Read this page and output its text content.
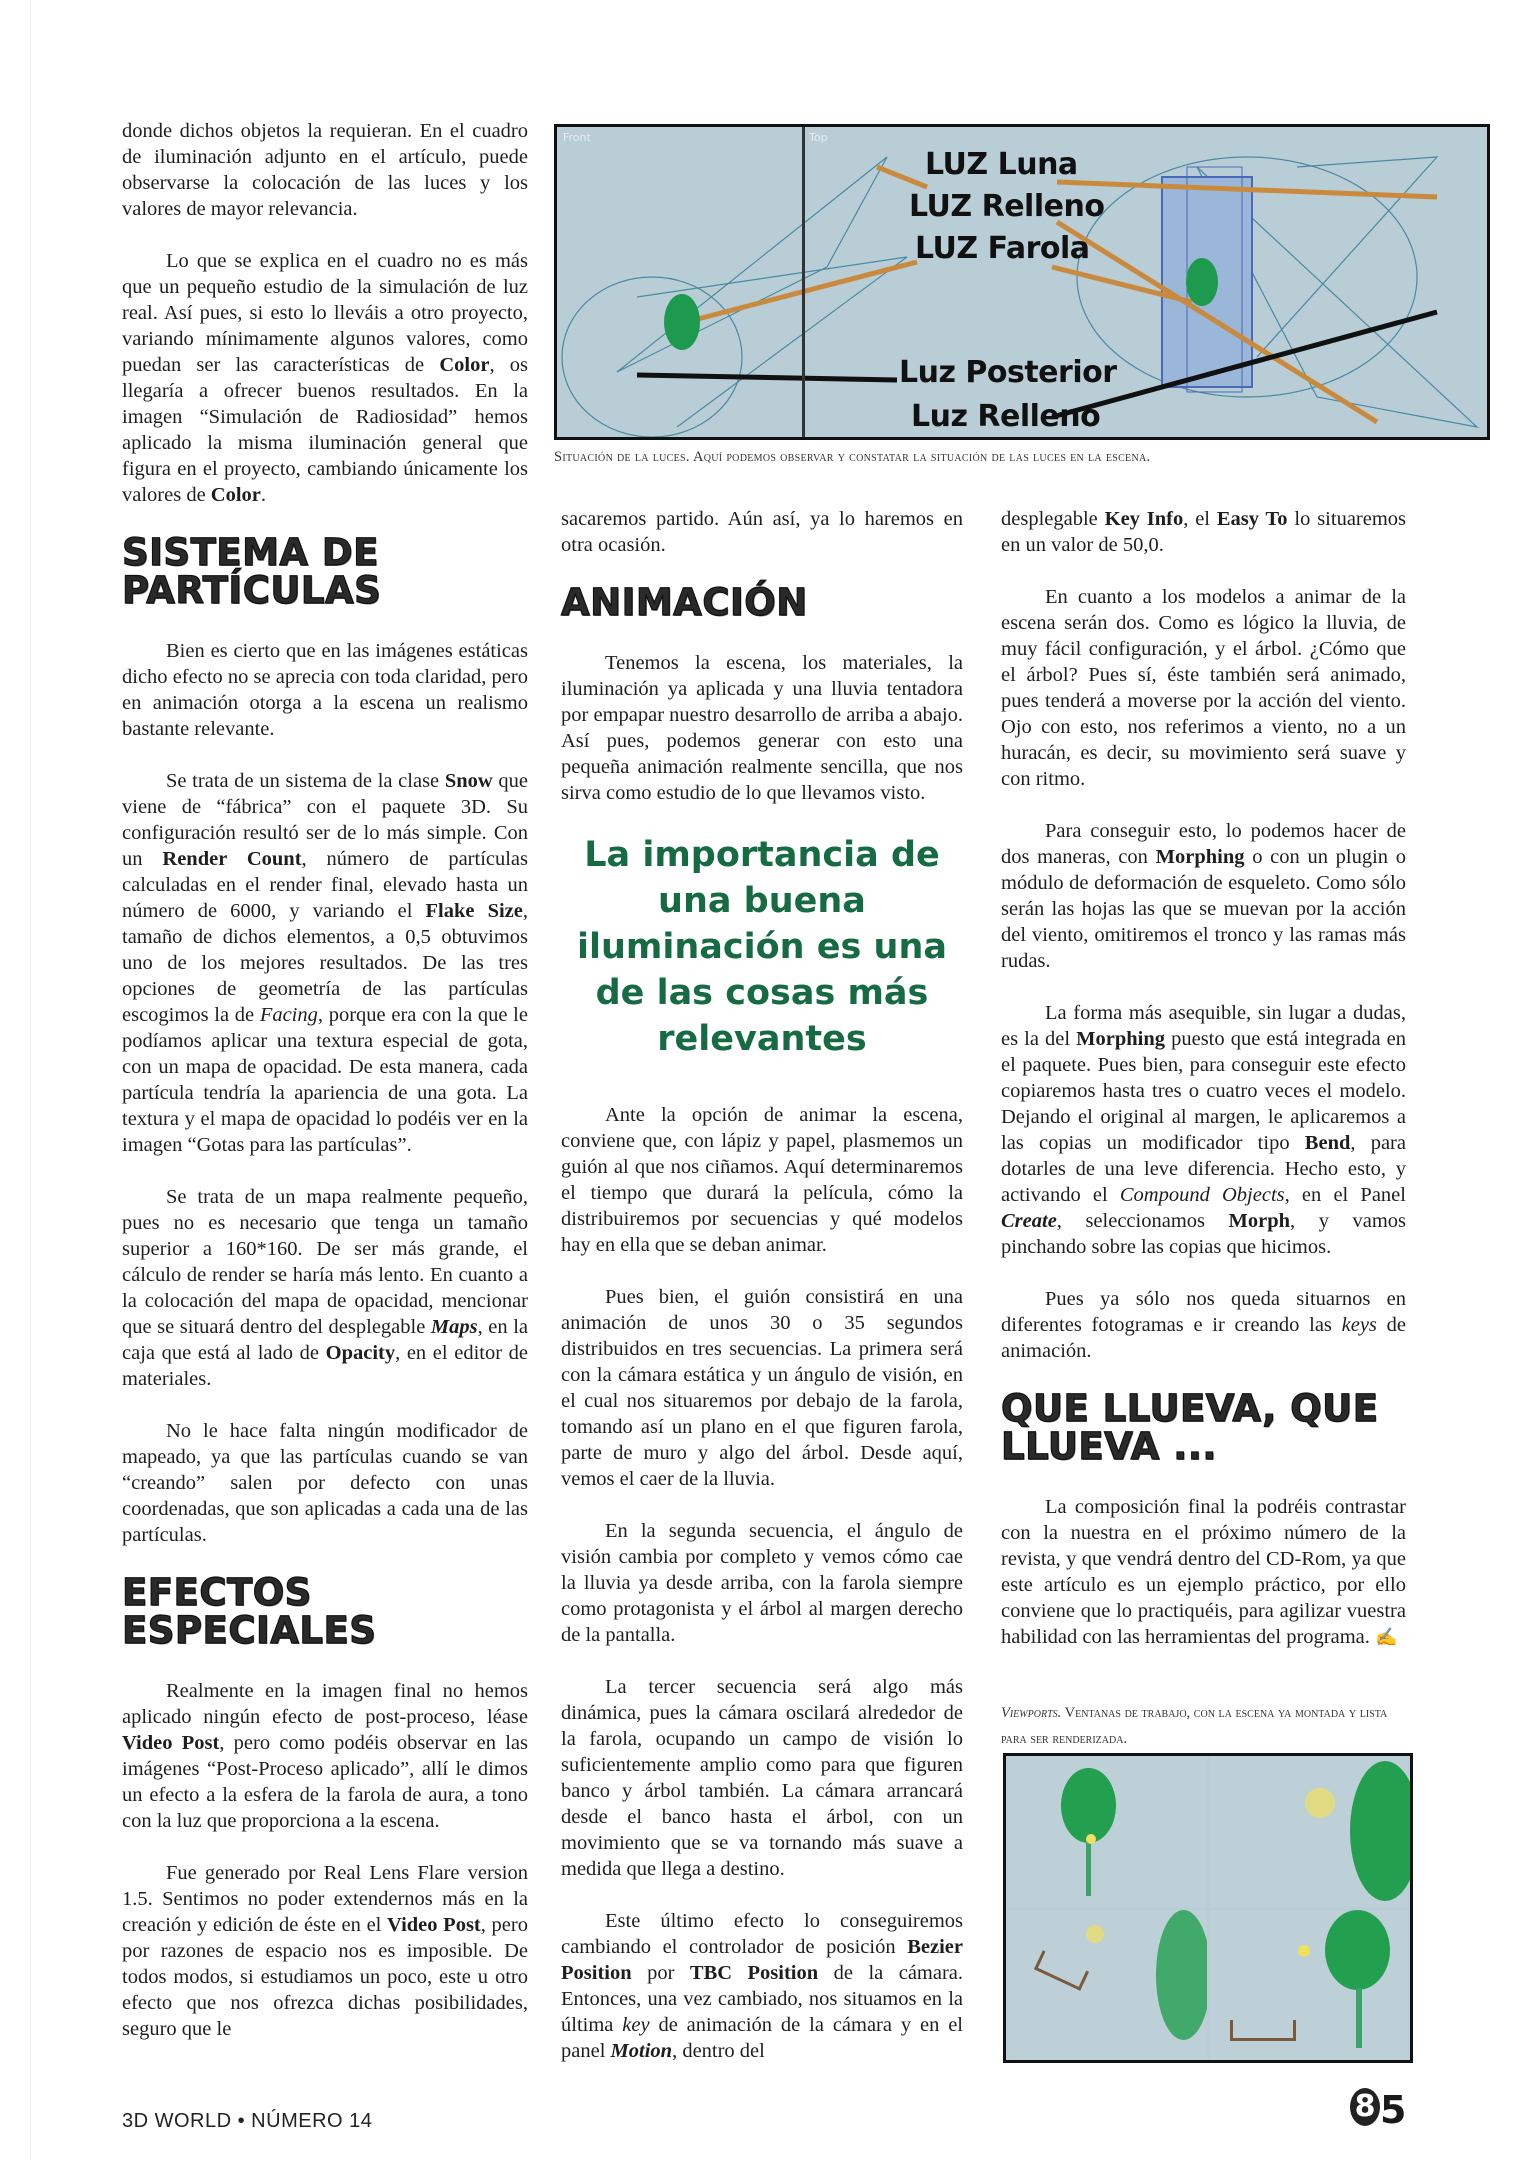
donde dichos objetos la requieran. En el cuadro de iluminación adjunto en el artículo, puede observarse la colocación de las luces y los valores de mayor relevancia.

Lo que se explica en el cuadro no es más que un pequeño estudio de la simulación de luz real. Así pues, si esto lo lleváis a otro proyecto, variando mínimamente algunos valores, como puedan ser las características de Color, os llegaría a ofrecer buenos resultados. En la imagen “Simulación de Radiosidad” hemos aplicado la misma iluminación general que figura en el proyecto, cambiando únicamente los valores de Color.

SISTEMA DE
PARTÍCULAS

Bien es cierto que en las imágenes estáticas dicho efecto no se aprecia con toda claridad, pero en animación otorga a la escena un realismo bastante relevante.

Se trata de un sistema de la clase Snow que viene de “fábrica” con el paquete 3D. Su configuración resultó ser de lo más simple. Con un Render Count, número de partículas calculadas en el render final, elevado hasta un número de 6000, y variando el Flake Size, tamaño de dichos elementos, a 0,5 obtuvimos uno de los mejores resultados. De las tres opciones de geometría de las partículas escogimos la de Facing, porque era con la que le podíamos aplicar una textura especial de gota, con un mapa de opacidad. De esta manera, cada partícula tendría la apariencia de una gota. La textura y el mapa de opacidad lo podéis ver en la imagen “Gotas para las partículas”.

Se trata de un mapa realmente pequeño, pues no es necesario que tenga un tamaño superior a 160*160. De ser más grande, el cálculo de render se haría más lento. En cuanto a la colocación del mapa de opacidad, mencionar que se situará dentro del desplegable Maps, en la caja que está al lado de Opacity, en el editor de materiales.

No le hace falta ningún modificador de mapeado, ya que las partículas cuando se van “creando” salen por defecto con unas coordenadas, que son aplicadas a cada una de las partículas.

EFECTOS
ESPECIALES

Realmente en la imagen final no hemos aplicado ningún efecto de post-proceso, léase Video Post, pero como podéis observar en las imágenes “Post-Proceso aplicado”, allí le dimos un efecto a la esfera de la farola de aura, a tono con la luz que proporciona a la escena.

Fue generado por Real Lens Flare version 1.5. Sentimos no poder extendernos más en la creación y edición de éste en el Video Post, pero por razones de espacio nos es imposible. De todos modos, si estudiamos un poco, este u otro efecto que nos ofrezca dichas posibilidades, seguro que le

Front	Top
LUZ Luna
LUZ Relleno
LUZ Farola
Luz Posterior
Luz Relleno
Situación de la luces. Aquí podemos observar y constatar la situación de las luces en la escena.

sacaremos partido. Aún así, ya lo haremos en otra ocasión.

ANIMACIÓN

Tenemos la escena, los materiales, la iluminación ya aplicada y una lluvia tentadora por empapar nuestro desarrollo de arriba a abajo. Así pues, podemos generar con esto una pequeña animación realmente sencilla, que nos sirva como estudio de lo que llevamos visto.

La importancia de una buena iluminación es una de las cosas más relevantes

Ante la opción de animar la escena, conviene que, con lápiz y papel, plasmemos un guión al que nos ciñamos. Aquí determinaremos el tiempo que durará la película, cómo la distribuiremos por secuencias y qué modelos hay en ella que se deban animar.

Pues bien, el guión consistirá en una animación de unos 30 o 35 segundos distribuidos en tres secuencias. La primera será con la cámara estática y un ángulo de visión, en el cual nos situaremos por debajo de la farola, tomando así un plano en el que figuren farola, parte de muro y algo del árbol. Desde aquí, vemos el caer de la lluvia.

En la segunda secuencia, el ángulo de visión cambia por completo y vemos cómo cae la lluvia ya desde arriba, con la farola siempre como protagonista y el árbol al margen derecho de la pantalla.

La tercer secuencia será algo más dinámica, pues la cámara oscilará alrededor de la farola, ocupando un campo de visión lo suficientemente amplio como para que figuren banco y árbol también. La cámara arrancará desde el banco hasta el árbol, con un movimiento que se va tornando más suave a medida que llega a destino.

Este último efecto lo conseguiremos cambiando el controlador de posición Bezier Position por TBC Position de la cámara. Entonces, una vez cambiado, nos situamos en la última key de animación de la cámara y en el panel Motion, dentro del

desplegable Key Info, el Easy To lo situaremos en un valor de 50,0.

En cuanto a los modelos a animar de la escena serán dos. Como es lógico la lluvia, de muy fácil configuración, y el árbol. ¿Cómo que el árbol? Pues sí, éste también será animado, pues tenderá a moverse por la acción del viento. Ojo con esto, nos referimos a viento, no a un huracán, es decir, su movimiento será suave y con ritmo.

Para conseguir esto, lo podemos hacer de dos maneras, con Morphing o con un plugin o módulo de deformación de esqueleto. Como sólo serán las hojas las que se muevan por la acción del viento, omitiremos el tronco y las ramas más rudas.

La forma más asequible, sin lugar a dudas, es la del Morphing puesto que está integrada en el paquete. Pues bien, para conseguir este efecto copiaremos hasta tres o cuatro veces el modelo. Dejando el original al margen, le aplicaremos a las copias un modificador tipo Bend, para dotarles de una leve diferencia. Hecho esto, y activando el Compound Objects, en el Panel Create, seleccionamos Morph, y vamos pinchando sobre las copias que hicimos.

Pues ya sólo nos queda situarnos en diferentes fotogramas e ir creando las keys de animación.

QUE LLUEVA, QUE
LLUEVA ...

La composición final la podréis contrastar con la nuestra en el próximo número de la revista, y que vendrá dentro del CD-Rom, ya que este artículo es un ejemplo práctico, por ello conviene que lo practiquéis, para agilizar vuestra habilidad con las herramientas del programa. ✍

Viewports. Ventanas de trabajo, con la escena ya montada y lista para ser renderizada.
3D WORLD • NÚMERO 14	8 5
